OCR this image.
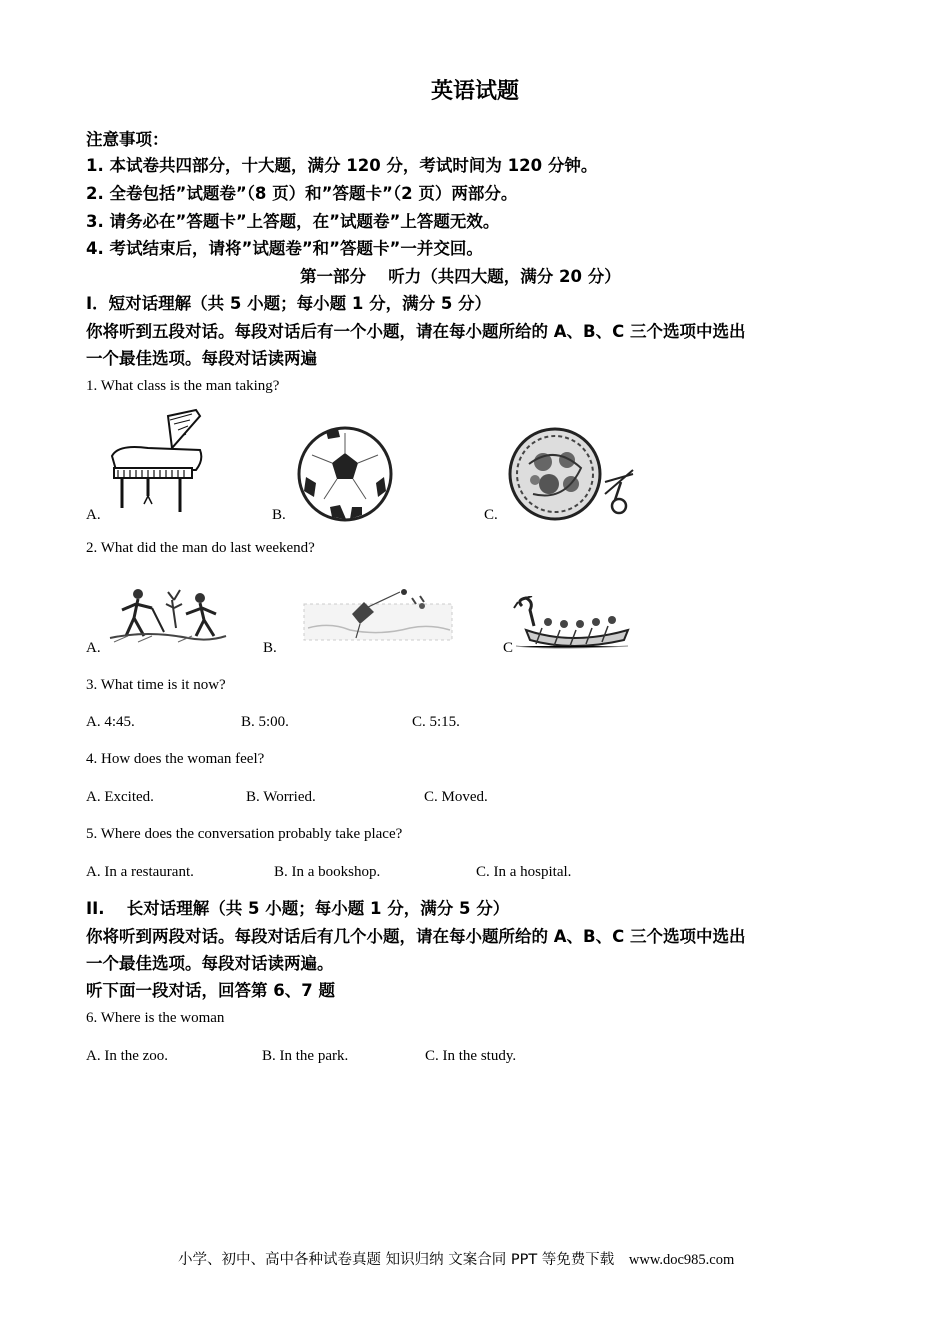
英语试题
注意事项：
1. 本试卷共四部分，十大题，满分 120 分，考试时间为 120 分钟。
2. 全卷包括”试题卷”（8 页）和”答题卡”（2 页）两部分。
3. 请务必在”答题卡”上答题，在”试题卷”上答题无效。
4. 考试结束后，请将”试题卷”和”答题卡”一并交回。
第一部分　 听力（共四大题，满分 20 分）
Ⅰ．短对话理解（共 5 小题；每小题 1 分，满分 5 分）
你将听到五段对话。每段对话后有一个小题，请在每小题所给的 A、B、C 三个选项中选出
一个最佳选项。每段对话读两遍
1. What class is the man taking?
A.	B.	C.
2. What did the man do last weekend?
A.	B.	C
3. What time is it now?
A. 4:45.	B. 5:00.	C. 5:15.
4. How does the woman feel?
A. Excited.	B. Worried.	C. Moved.
5. Where does the conversation probably take place?
A. In a restaurant.	B. In a bookshop.	C. In a hospital.
II.　 长对话理解（共 5 小题；每小题 1 分，满分 5 分）
你将听到两段对话。每段对话后有几个小题，请在每小题所给的 A、B、C 三个选项中选出
一个最佳选项。每段对话读两遍。
听下面一段对话，回答第 6、7 题
6. Where is the woman
A. In the zoo.	B. In the park.	C. In the study.
小学、初中、高中各种试卷真题 知识归纳 文案合同 PPT 等免费下载 www.doc985.com
